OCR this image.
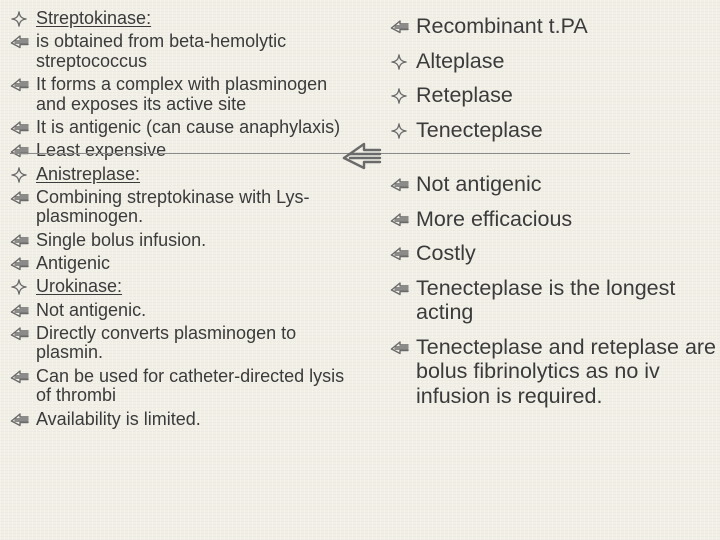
Streptokinase:
is obtained from beta-hemolytic streptococcus
It forms a complex with plasminogen and exposes its active site
It is antigenic (can cause anaphylaxis)
Least expensive
Anistreplase:
Combining streptokinase with Lys-plasminogen.
Single bolus infusion.
Antigenic
Urokinase:
Not antigenic.
Directly converts plasminogen to plasmin.
Can be used for catheter-directed lysis of thrombi
Availability is limited.
Recombinant t.PA
Alteplase
Reteplase
Tenecteplase
Not antigenic
More efficacious
Costly
Tenecteplase is the longest acting
Tenecteplase and reteplase are bolus fibrinolytics as no iv infusion is required.
